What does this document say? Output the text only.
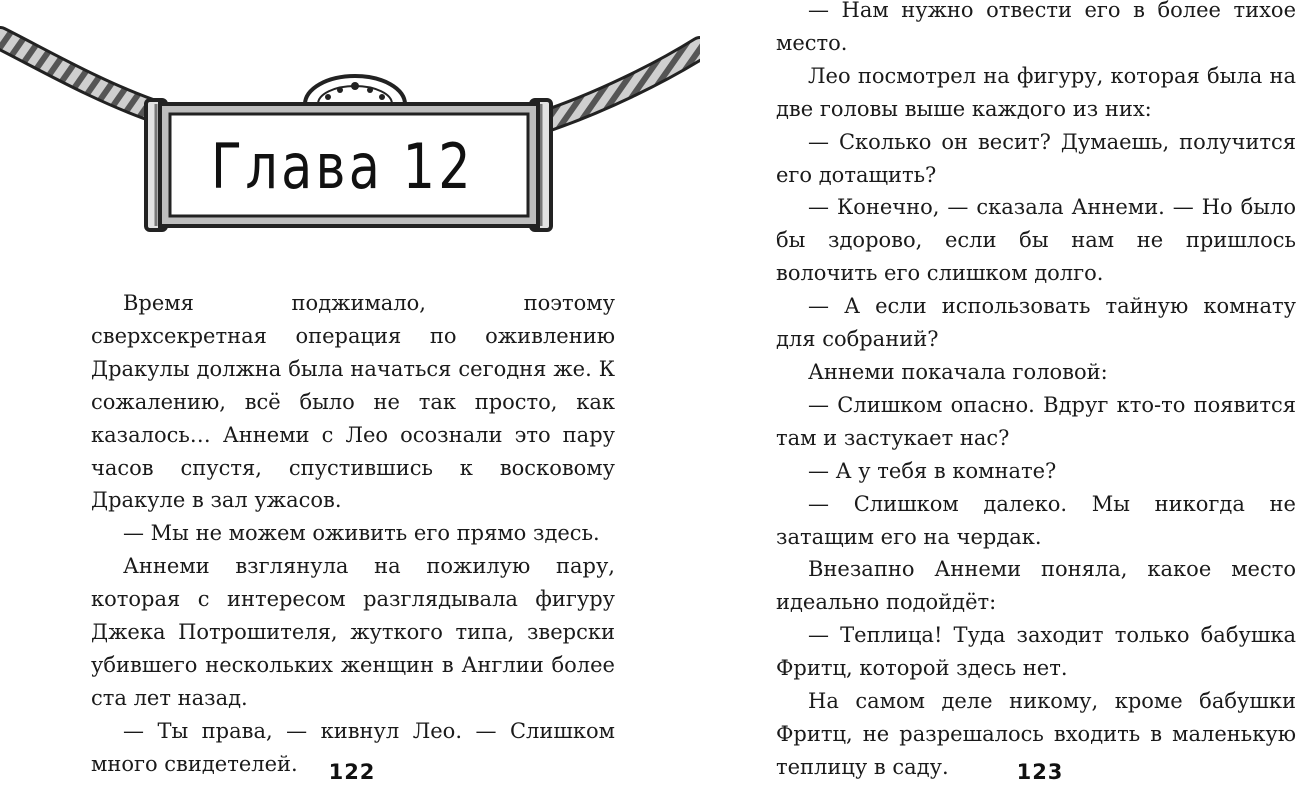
Глава 12

Время поджимало, поэтому сверхсекретная операция по оживлению Дракулы должна была начаться сегодня же. К сожалению, всё было не так просто, как казалось… Аннеми с Лео осознали это пару часов спустя, спустившись к восковому Дракуле в зал ужасов.

— Мы не можем оживить его прямо здесь.

Аннеми взглянула на пожилую пару, которая с интересом разглядывала фигуру Джека Потрошителя, жуткого типа, зверски убившего нескольких женщин в Англии более ста лет назад.

— Ты права, — кивнул Лео. — Слишком много свидетелей.	122

— Нам нужно отвести его в более тихое место.

Лео посмотрел на фигуру, которая была на две головы выше каждого из них:

— Сколько он весит? Думаешь, получится его дотащить?

— Конечно, — сказала Аннеми. — Но было бы здорово, если бы нам не пришлось волочить его слишком долго.

— А если использовать тайную комнату для собраний?

Аннеми покачала головой:

— Слишком опасно. Вдруг кто-то появится там и застукает нас?

— А у тебя в комнате?

— Слишком далеко. Мы никогда не затащим его на чердак.

Внезапно Аннеми поняла, какое место идеально подойдёт:

— Теплица! Туда заходит только бабушка Фритц, которой здесь нет.

На самом деле никому, кроме бабушки Фритц, не разрешалось входить в маленькую теплицу в саду.	123
